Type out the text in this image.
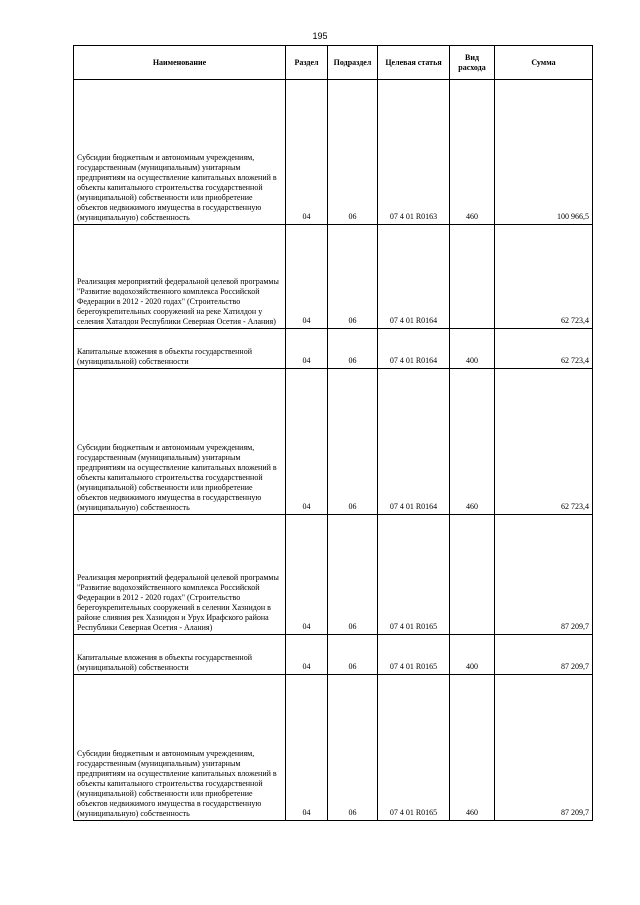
195
Наименование	Раздел	Подраздел	Целевая статья	Вид расхода	Сумма
Субсидии бюджетным и автономным учреждениям, государственным (муниципальным) унитарным предприятиям на осуществление капитальных вложений в объекты капитального строительства государственной (муниципальной) собственности или приобретение объектов недвижимого имущества в государственную (муниципальную) собственность	04	06	07 4 01 R0163	460	100 966,5
Реализация мероприятий федеральной целевой программы "Развитие водохозяйственного комплекса Российской Федерации в 2012 - 2020 годах" (Строительство берегоукрепительных сооружений на реке Хатилдон у селения Хаталдон Республики Северная Осетия - Алания)	04	06	07 4 01 R0164		62 723,4
Капитальные вложения в объекты государственной (муниципальной) собственности	04	06	07 4 01 R0164	400	62 723,4
Субсидии бюджетным и автономным учреждениям, государственным (муниципальным) унитарным предприятиям на осуществление капитальных вложений в объекты капитального строительства государственной (муниципальной) собственности или приобретение объектов недвижимого имущества в государственную (муниципальную) собственность	04	06	07 4 01 R0164	460	62 723,4
Реализация мероприятий федеральной целевой программы "Развитие водохозяйственного комплекса Российской Федерации в 2012 - 2020 годах" (Строительство берегоукрепительных сооружений в селении Хазнидон в районе слияния рек Хазнидон и Урух Ирафского района Республики Северная Осетия - Алания)	04	06	07 4 01 R0165		87 209,7
Капитальные вложения в объекты государственной (муниципальной) собственности	04	06	07 4 01 R0165	400	87 209,7
Субсидии бюджетным и автономным учреждениям, государственным (муниципальным) унитарным предприятиям на осуществление капитальных вложений в объекты капитального строительства государственной (муниципальной) собственности или приобретение объектов недвижимого имущества в государственную (муниципальную) собственность	04	06	07 4 01 R0165	460	87 209,7
